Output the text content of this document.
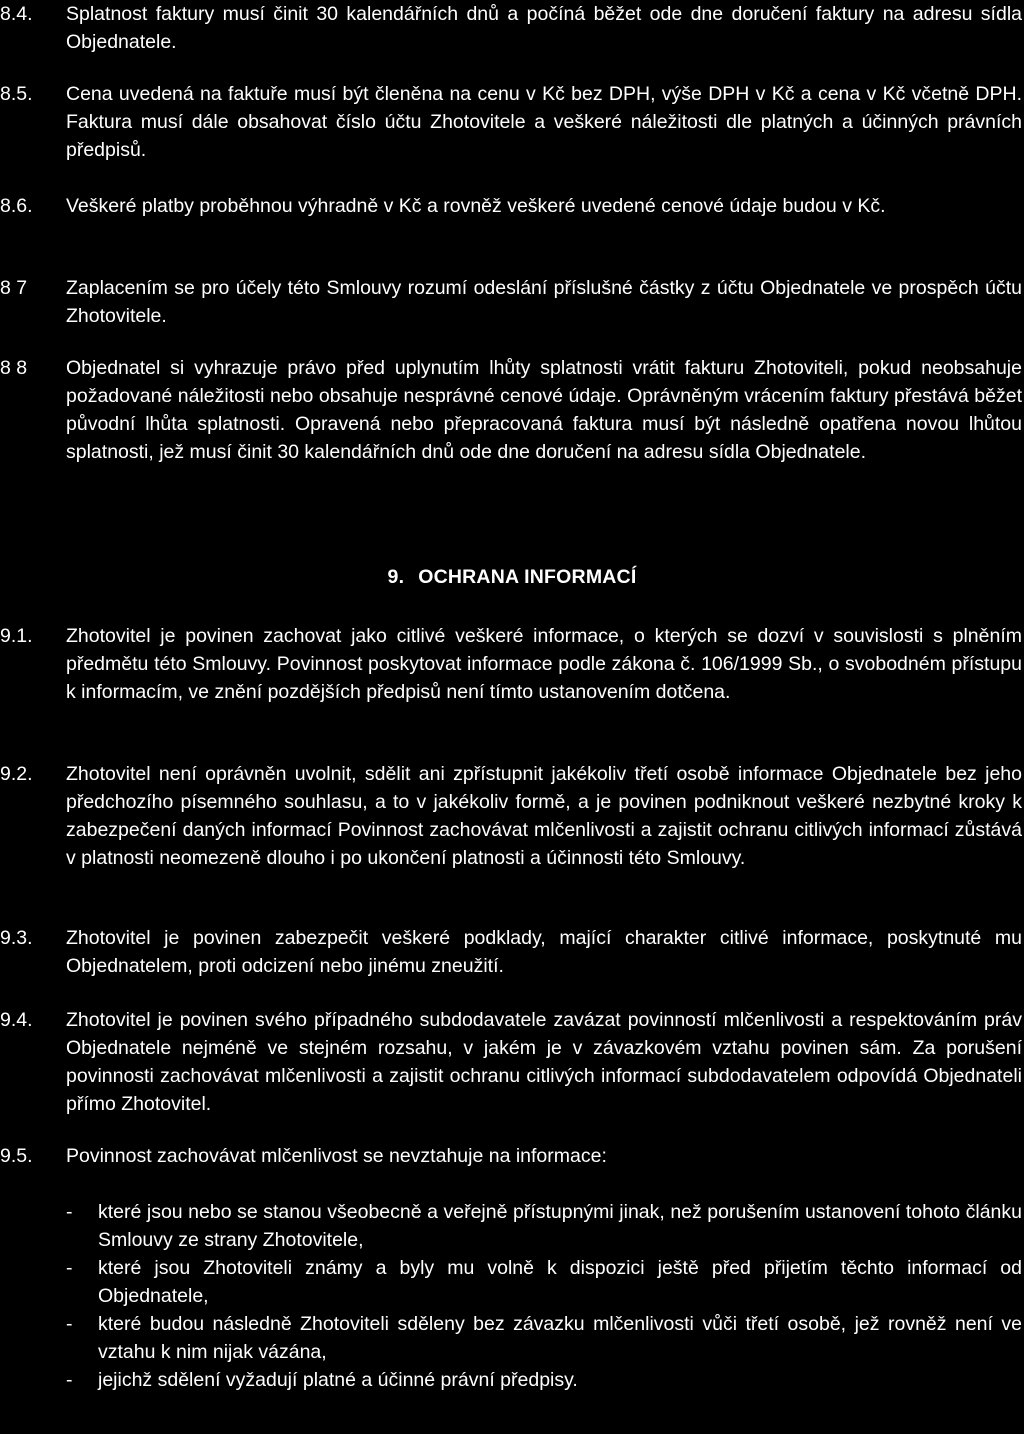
8.4.	Splatnost faktury musí činit 30 kalendářních dnů a počíná běžet ode dne doručení faktury na adresu sídla Objednatele.
8.5.	Cena uvedená na faktuře musí být členěna na cenu v Kč bez DPH, výše DPH v Kč a cena v Kč včetně DPH. Faktura musí dále obsahovat číslo účtu Zhotovitele a veškeré náležitosti dle platných a účinných právních předpisů.
8.6.	Veškeré platby proběhnou výhradně v Kč a rovněž veškeré uvedené cenové údaje budou v Kč.
8 7	Zaplacením se pro účely této Smlouvy rozumí odeslání příslušné částky z účtu Objednatele ve prospěch účtu Zhotovitele.
8 8	Objednatel si vyhrazuje právo před uplynutím lhůty splatnosti vrátit fakturu Zhotoviteli, pokud neobsahuje požadované náležitosti nebo obsahuje nesprávné cenové údaje. Oprávněným vrácením faktury přestává běžet původní lhůta splatnosti. Opravená nebo přepracovaná faktura musí být následně opatřena novou lhůtou splatnosti, jež musí činit 30 kalendářních dnů ode dne doručení na adresu sídla Objednatele.
9. OCHRANA INFORMACÍ
9.1.	Zhotovitel je povinen zachovat jako citlivé veškeré informace, o kterých se dozví v souvislosti s plněním předmětu této Smlouvy. Povinnost poskytovat informace podle zákona č. 106/1999 Sb., o svobodném přístupu k informacím, ve znění pozdějších předpisů není tímto ustanovením dotčena.
9.2.	Zhotovitel není oprávněn uvolnit, sdělit ani zpřístupnit jakékoliv třetí osobě informace Objednatele bez jeho předchozího písemného souhlasu, a to v jakékoliv formě, a je povinen podniknout veškeré nezbytné kroky k zabezpečení daných informací Povinnost zachovávat mlčenlivosti a zajistit ochranu citlivých informací zůstává v platnosti neomezeně dlouho i po ukončení platnosti a účinnosti této Smlouvy.
9.3.	Zhotovitel je povinen zabezpečit veškeré podklady, mající charakter citlivé informace, poskytnuté mu Objednatelem, proti odcizení nebo jinému zneužití.
9.4.	Zhotovitel je povinen svého případného subdodavatele zavázat povinností mlčenlivosti a respektováním práv Objednatele nejméně ve stejném rozsahu, v jakém je v závazkovém vztahu povinen sám. Za porušení povinnosti zachovávat mlčenlivosti a zajistit ochranu citlivých informací subdodavatelem odpovídá Objednateli přímo Zhotovitel.
9.5.	Povinnost zachovávat mlčenlivost se nevztahuje na informace:
- které jsou nebo se stanou všeobecně a veřejně přístupnými jinak, než porušením ustanovení tohoto článku Smlouvy ze strany Zhotovitele,
- které jsou Zhotoviteli známy a byly mu volně k dispozici ještě před přijetím těchto informací od Objednatele,
- které budou následně Zhotoviteli sděleny bez závazku mlčenlivosti vůči třetí osobě, jež rovněž není ve vztahu k nim nijak vázána,
- jejichž sdělení vyžadují platné a účinné právní předpisy.
